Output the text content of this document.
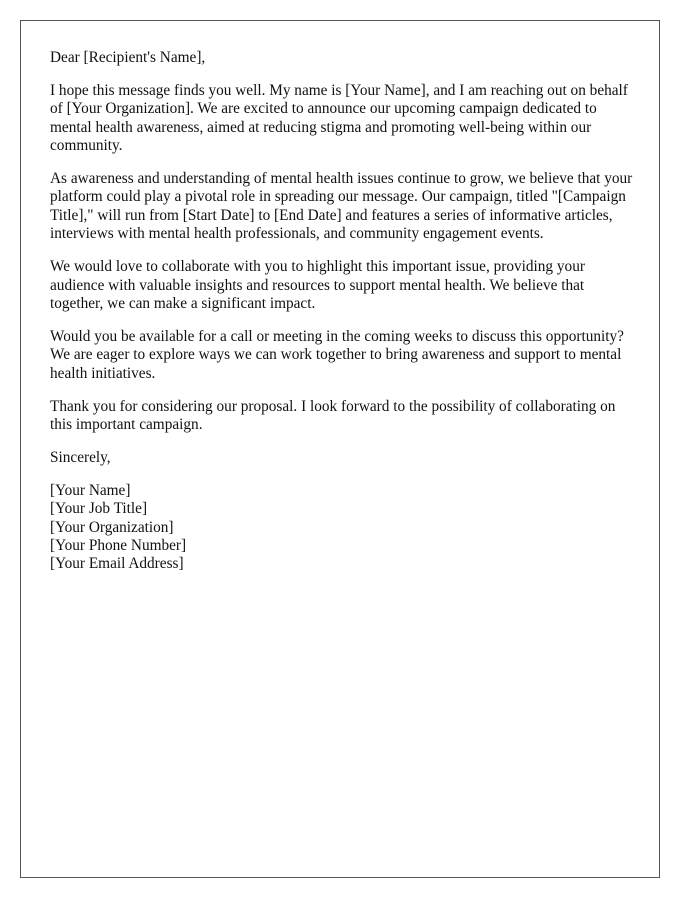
Dear [Recipient's Name],

I hope this message finds you well. My name is [Your Name], and I am reaching out on behalf of [Your Organization]. We are excited to announce our upcoming campaign dedicated to mental health awareness, aimed at reducing stigma and promoting well-being within our community.

As awareness and understanding of mental health issues continue to grow, we believe that your platform could play a pivotal role in spreading our message. Our campaign, titled "[Campaign Title]," will run from [Start Date] to [End Date] and features a series of informative articles, interviews with mental health professionals, and community engagement events.

We would love to collaborate with you to highlight this important issue, providing your audience with valuable insights and resources to support mental health. We believe that together, we can make a significant impact.

Would you be available for a call or meeting in the coming weeks to discuss this opportunity? We are eager to explore ways we can work together to bring awareness and support to mental health initiatives.

Thank you for considering our proposal. I look forward to the possibility of collaborating on this important campaign.

Sincerely,

[Your Name]
[Your Job Title]
[Your Organization]
[Your Phone Number]
[Your Email Address]
